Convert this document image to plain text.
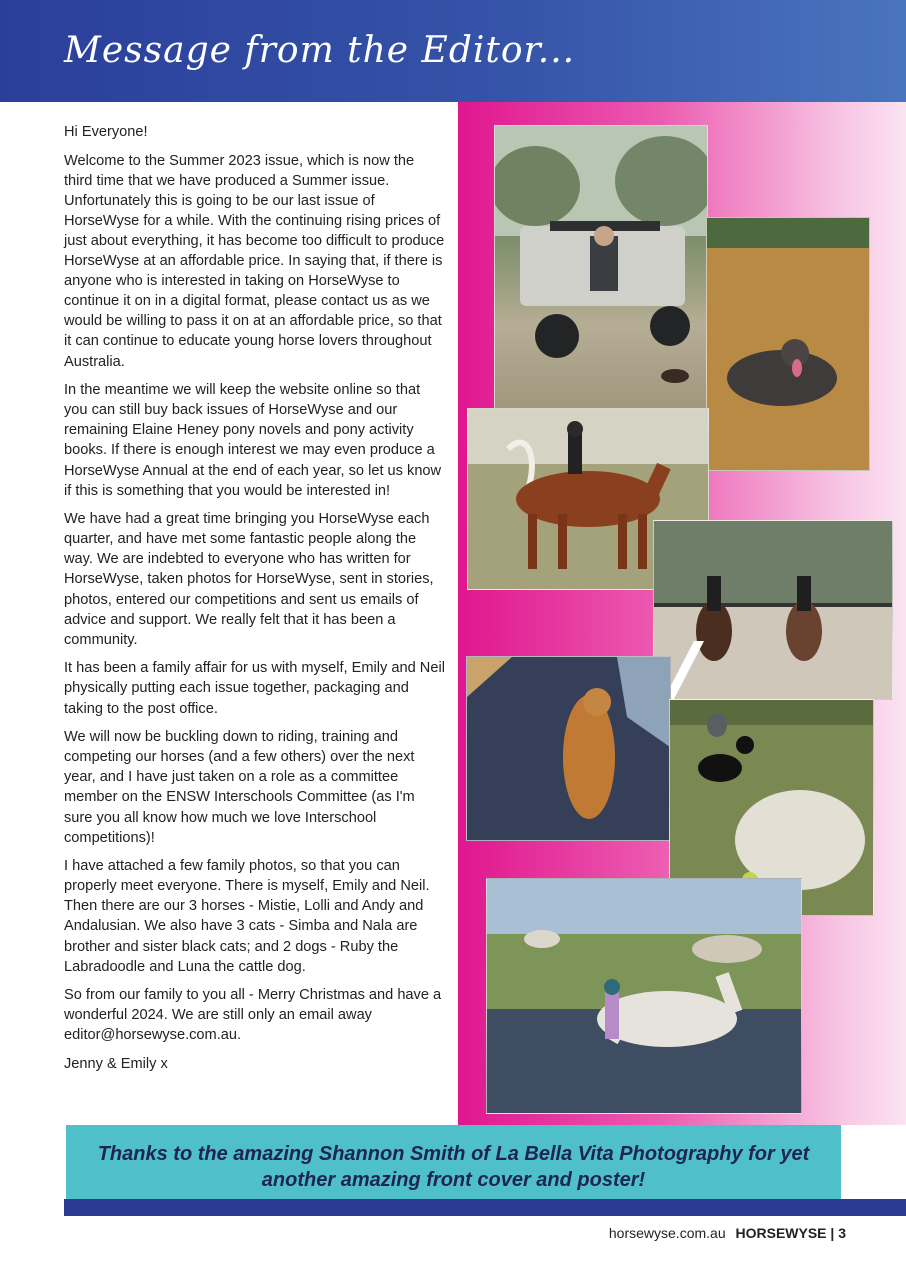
Message from the Editor...

Hi Everyone!

Welcome to the Summer 2023 issue, which is now the third time that we have produced a Summer issue. Unfortunately this is going to be our last issue of HorseWyse for a while. With the continuing rising prices of just about everything, it has become too difficult to produce HorseWyse at an affordable price. In saying that, if there is anyone who is interested in taking on HorseWyse to continue it on in a digital format, please contact us as we would be willing to pass it on at an affordable price, so that it can continue to educate young horse lovers throughout Australia.

In the meantime we will keep the website online so that you can still buy back issues of HorseWyse and our remaining Elaine Heney pony novels and pony activity books. If there is enough interest we may even produce a HorseWyse Annual at the end of each year, so let us know if this is something that you would be interested in!

We have had a great time bringing you HorseWyse each quarter, and have met some fantastic people along the way. We are indebted to everyone who has written for HorseWyse, taken photos for HorseWyse, sent in stories, photos, entered our competitions and sent us emails of advice and support. We really felt that it has been a community.

It has been a family affair for us with myself, Emily and Neil physically putting each issue together, packaging and taking to the post office.

We will now be buckling down to riding, training and competing our horses (and a few others) over the next year, and I have just taken on a role as a committee member on the ENSW Interschools Committee (as I'm sure you all know how much we love Interschool competitions)!

I have attached a few family photos, so that you can properly meet everyone. There is myself, Emily and Neil. Then there are our 3 horses - Mistie, Lolli and Andy and Andalusian. We also have 3 cats - Simba and Nala are brother and sister black cats; and 2 dogs - Ruby the Labradoodle and Luna the cattle dog.

So from our family to you all - Merry Christmas and have a wonderful 2024. We are still only an email away editor@horsewyse.com.au.

Jenny & Emily x

Thanks to the amazing Shannon Smith of La Bella Vita Photography for yet
another amazing front cover and poster!

horsewyse.com.au HORSEWYSE | 3
